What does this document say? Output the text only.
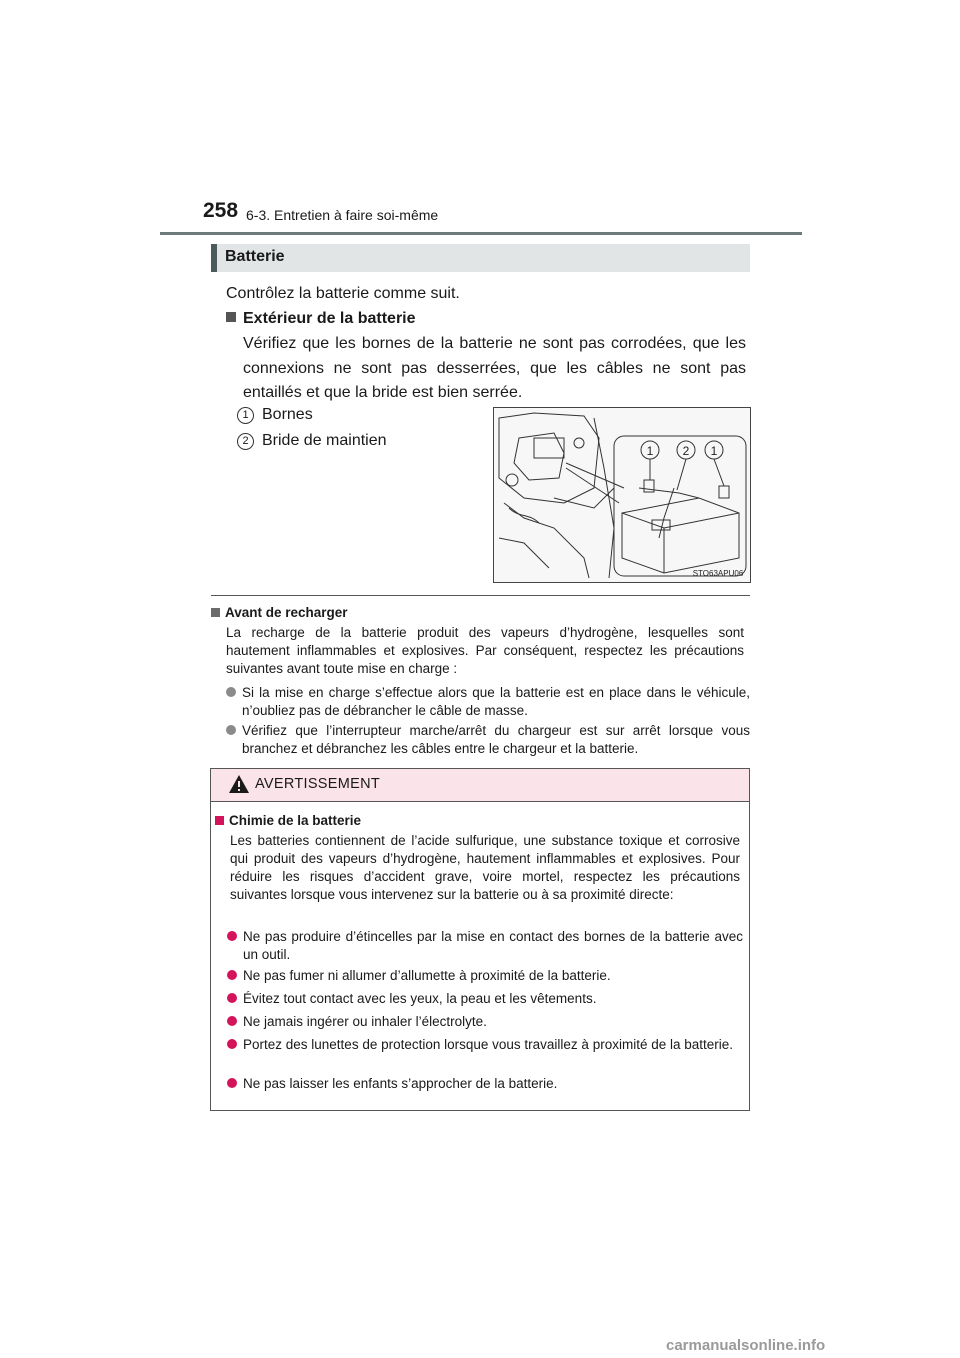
258 6-3. Entretien à faire soi-même
Batterie
Contrôlez la batterie comme suit.
Extérieur de la batterie
Vérifiez que les bornes de la batterie ne sont pas corrodées, que les connexions ne sont pas desserrées, que les câbles ne sont pas entaillés et que la bride est bien serrée.
1 Bornes
2 Bride de maintien
1 2 1
STO63APU06
Avant de recharger
La recharge de la batterie produit des vapeurs d’hydrogène, lesquelles sont hautement inflammables et explosives. Par conséquent, respectez les précautions suivantes avant toute mise en charge :
Si la mise en charge s’effectue alors que la batterie est en place dans le véhicule, n’oubliez pas de débrancher le câble de masse.
Vérifiez que l’interrupteur marche/arrêt du chargeur est sur arrêt lorsque vous branchez et débranchez les câbles entre le chargeur et la batterie.
AVERTISSEMENT
Chimie de la batterie
Les batteries contiennent de l’acide sulfurique, une substance toxique et corrosive qui produit des vapeurs d’hydrogène, hautement inflammables et explosives. Pour réduire les risques d’accident grave, voire mortel, respectez les précautions suivantes lorsque vous intervenez sur la batterie ou à sa proximité directe:
Ne pas produire d’étincelles par la mise en contact des bornes de la batterie avec un outil.
Ne pas fumer ni allumer d’allumette à proximité de la batterie.
Évitez tout contact avec les yeux, la peau et les vêtements.
Ne jamais ingérer ou inhaler l’électrolyte.
Portez des lunettes de protection lorsque vous travaillez à proximité de la batterie.
Ne pas laisser les enfants s’approcher de la batterie.
carmanualsonline.info
